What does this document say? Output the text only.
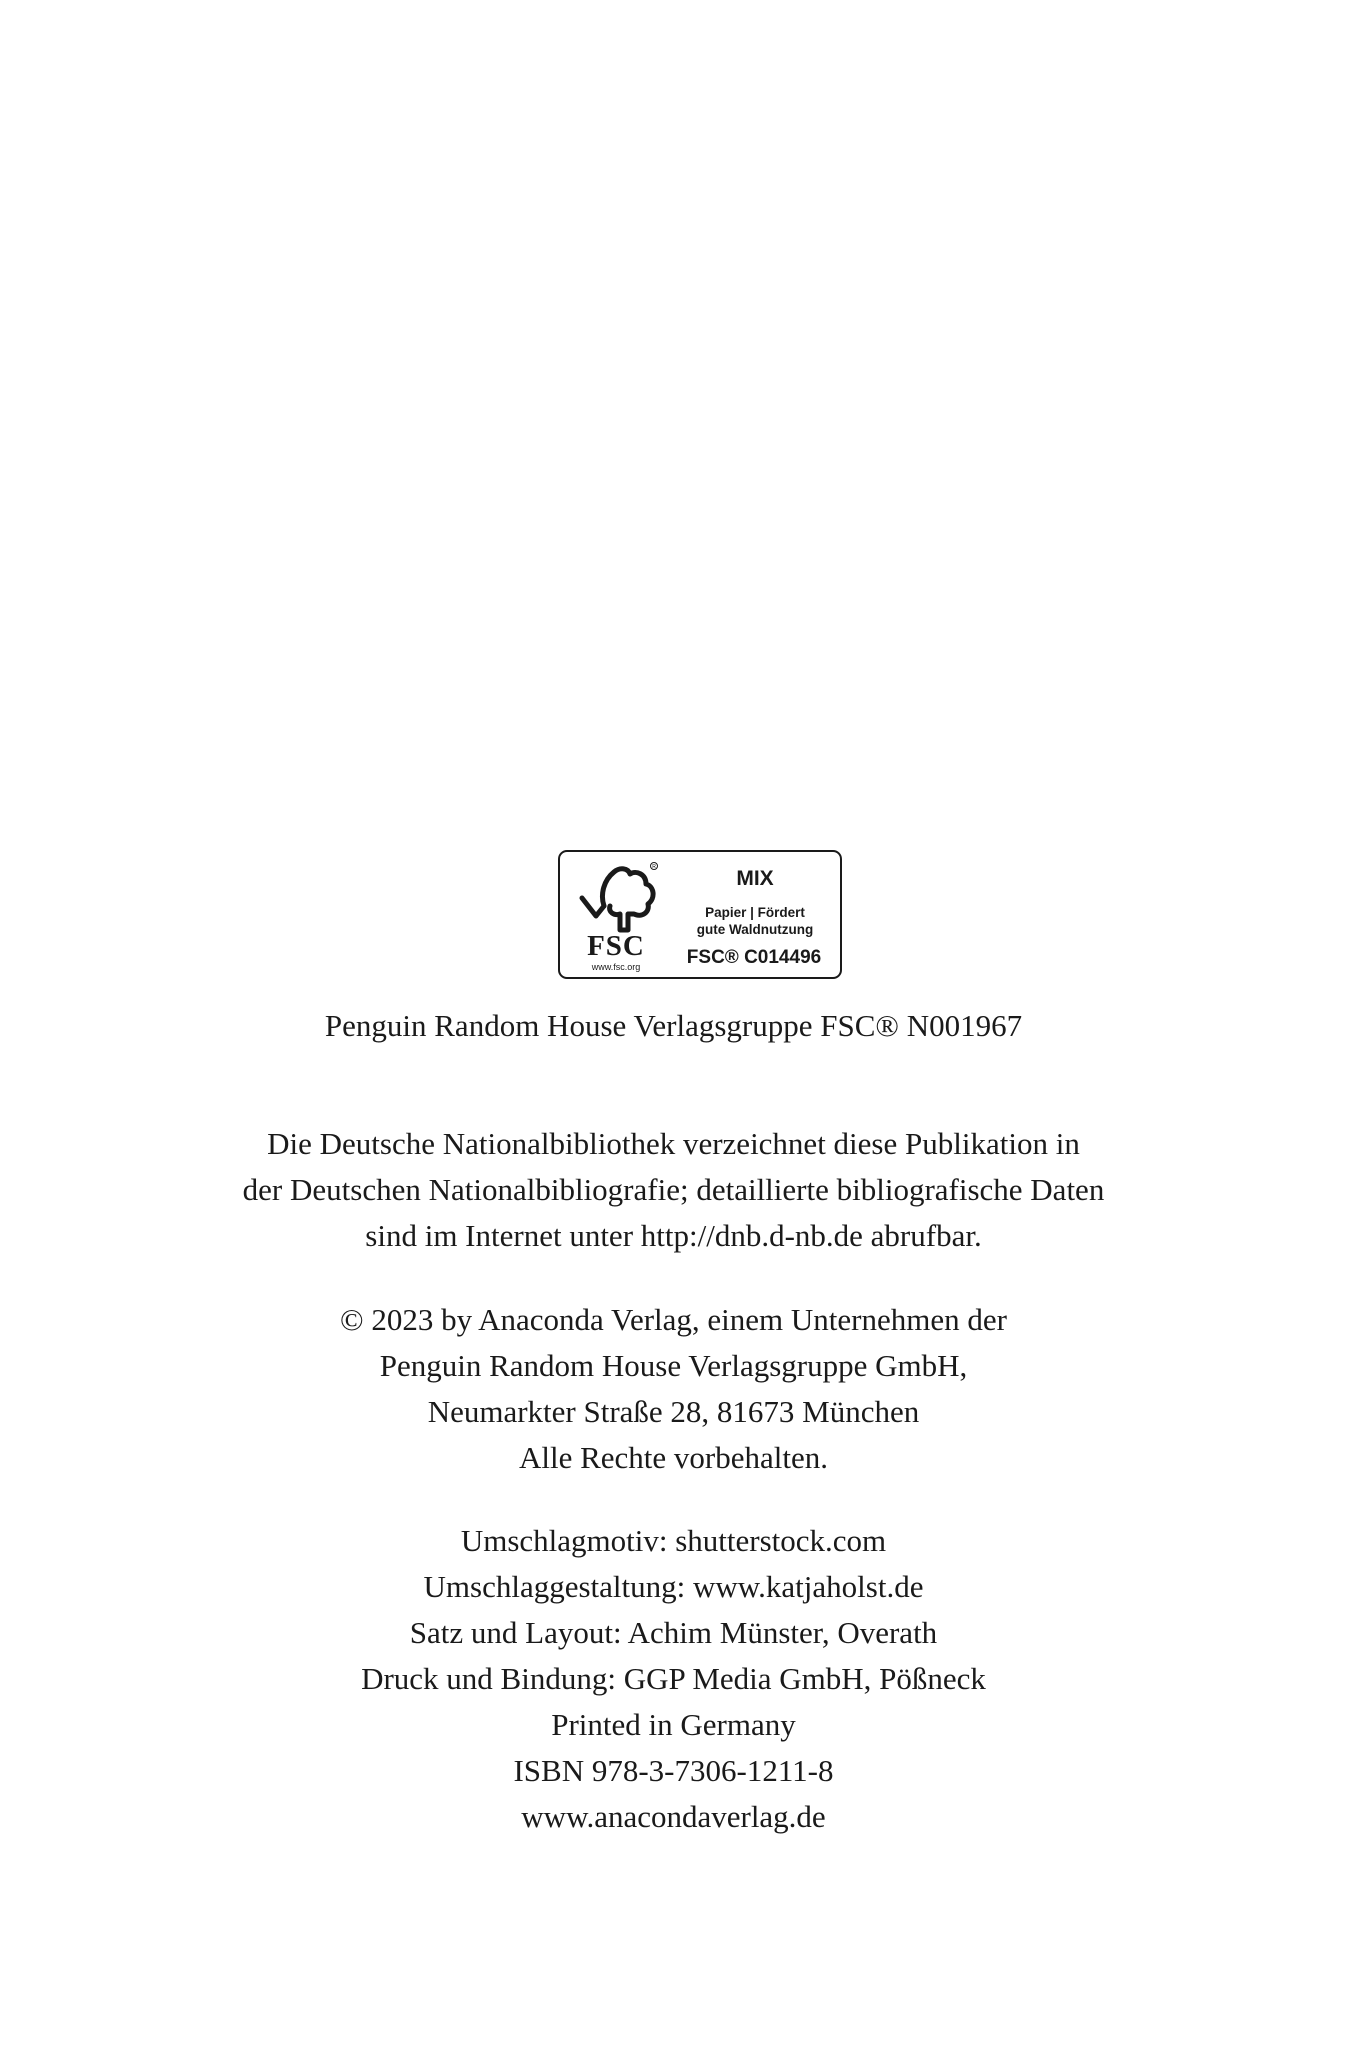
R
FSC
www.fsc.org
MIX
Papier | Fördert
gute Waldnutzung
FSC® C014496
Penguin Random House Verlagsgruppe FSC® N001967
Die Deutsche Nationalbibliothek verzeichnet diese Publikation in
der Deutschen Nationalbibliografie; detaillierte bibliografische Daten
sind im Internet unter http://dnb.d-nb.de abrufbar.
© 2023 by Anaconda Verlag, einem Unternehmen der
Penguin Random House Verlagsgruppe GmbH,
Neumarkter Straße 28, 81673 München
Alle Rechte vorbehalten.
Umschlagmotiv: shutterstock.com
Umschlaggestaltung: www.katjaholst.de
Satz und Layout: Achim Münster, Overath
Druck und Bindung: GGP Media GmbH, Pößneck
Printed in Germany
ISBN 978-3-7306-1211-8
www.anacondaverlag.de
